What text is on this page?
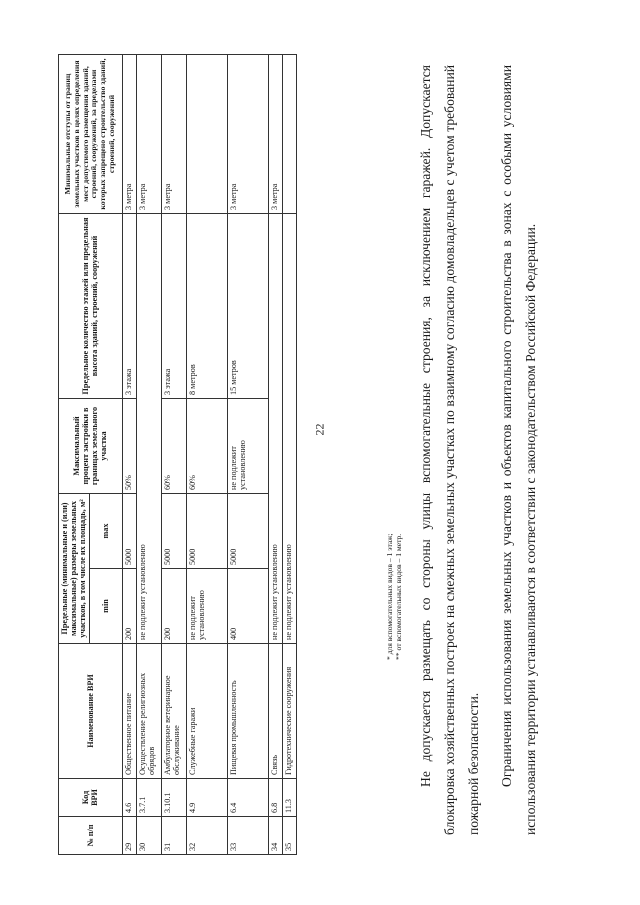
22
№ п/п	Код ВРИ	Наименование ВРИ	Предельные (минимальные и (или) максимальные) размеры земельных участков, в том числе их площадь, м²		Максимальный процент застройки в границах земельного участка	Предельное количество этажей или предельная высота зданий, строений, сооружений	Минимальные отступы от границ земельных участков в целях определения мест допустимого размещения зданий, строений, сооружений, за пределами которых запрещено строительство зданий, строений, сооружений
			min	max			
29	4.6	Общественное питание	200	5000	50%	3 этажа	3 метра
30	3.7.1	Осуществление религиозных обрядов	не подлежит установлению				3 метра
31	3.10.1	Амбулаторное ветеринарное обслуживание	200	5000	60%	3 этажа	3 метра
32	4.9	Служебные гаражи	не подлежит установлению	5000	60%	8 метров	
33	6.4	Пищевая промышленность	400	5000	не подлежит установлению	15 метров	3 метра
34	6.8	Связь	не подлежит установлению				3 метра
35	11.3	Гидротехнические сооружения	не подлежит установлению					* для вспомогательных видов – 1 этаж; ** от вспомогательных видов – 1 метр. Не допускается размещать со стороны улицы вспомогательные строения, за исключением гаражей. Допускается блокировка хозяйственных построек на смежных земельных участках по взаимному согласию домовладельцев с учетом требований пожарной безопасности.	Ограничения использования земельных участков и объектов капитального строительства в зонах с особыми условиями использования территории устанавливаются в соответствии с законодательством Российской Федерации.
